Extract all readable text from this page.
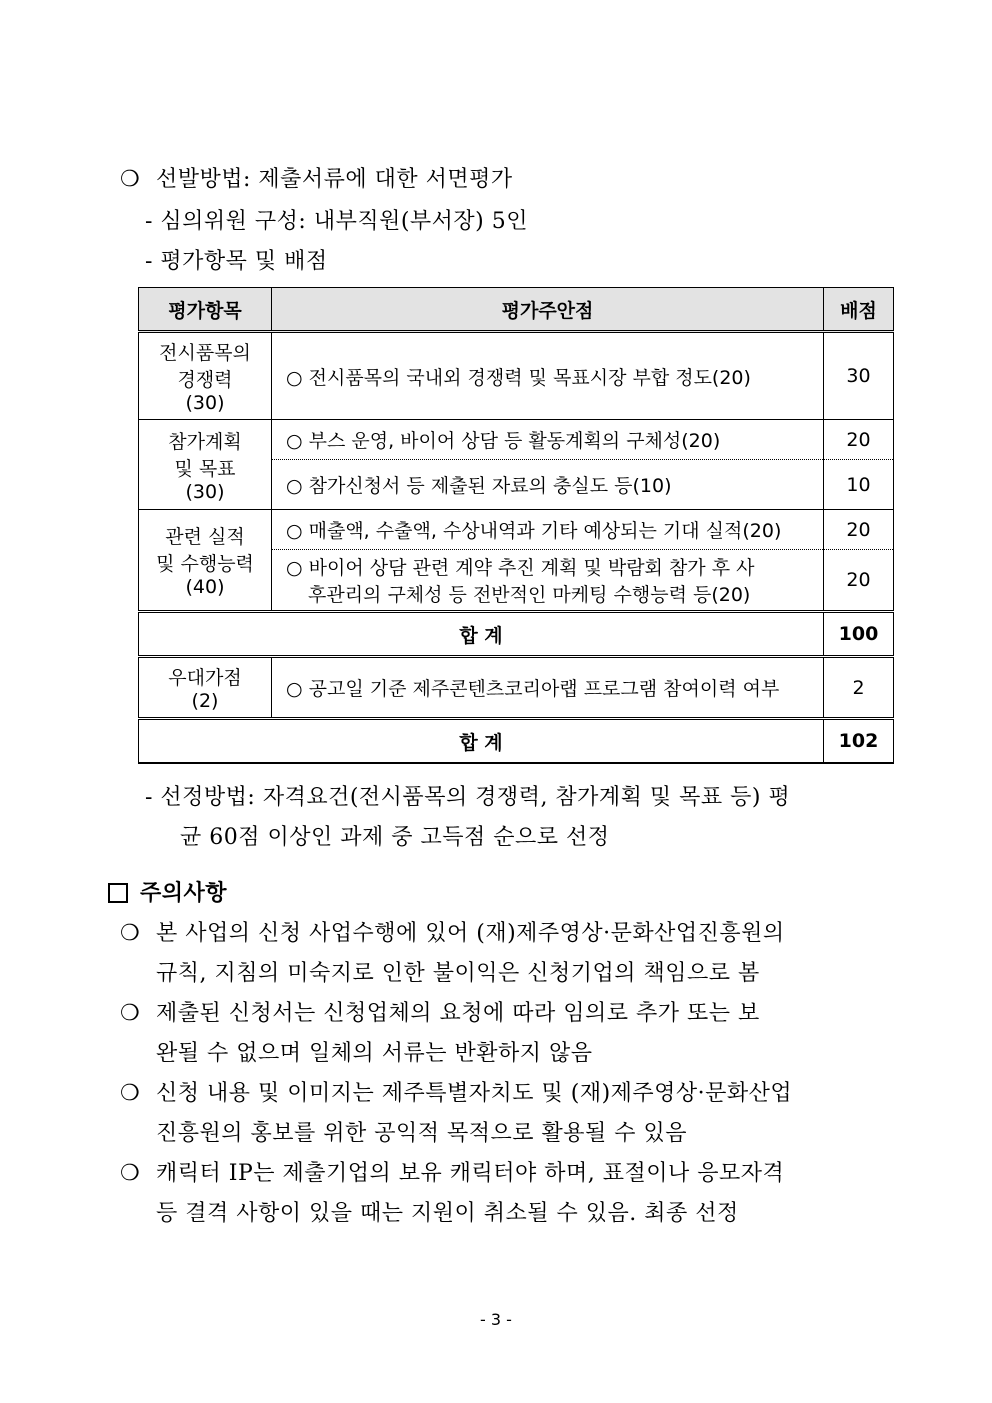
❍ 선발방법: 제출서류에 대한 서면평가
- 심의위원 구성: 내부직원(부서장) 5인
- 평가항목 및 배점
평가항목	평가주안점	배점

전시품목의
경쟁력
(30)	○ 전시품목의 국내외 경쟁력 및 목표시장 부합 정도(20)	30

참가계획
및 목표
(30)	○ 부스 운영, 바이어 상담 등 활동계획의 구체성(20)	20
	○ 참가신청서 등 제출된 자료의 충실도 등(10)	10

관련 실적
및 수행능력
(40)	○ 매출액, 수출액, 수상내역과 기타 예상되는 기대 실적(20)	20

	○ 바이어 상담 관련 계약 추진 계획 및 박람회 참가 후 사
후관리의 구체성 등 전반적인 마케팅 수행능력 등(20)	20
합 계		100

우대가점
(2)	○ 공고일 기준 제주콘텐츠코리아랩 프로그램 참여이력 여부	2
합 계		102
- 선정방법: 자격요건(전시품목의 경쟁력, 참가계획 및 목표 등) 평
균 60점 이상인 과제 중 고득점 순으로 선정
주의사항
❍ 본 사업의 신청 사업수행에 있어 (재)제주영상·문화산업진흥원의
규칙, 지침의 미숙지로 인한 불이익은 신청기업의 책임으로 봄
❍ 제출된 신청서는 신청업체의 요청에 따라 임의로 추가 또는 보
완될 수 없으며 일체의 서류는 반환하지 않음
❍ 신청 내용 및 이미지는 제주특별자치도 및 (재)제주영상·문화산업
진흥원의 홍보를 위한 공익적 목적으로 활용될 수 있음
❍ 캐릭터 IP는 제출기업의 보유 캐릭터야 하며, 표절이나 응모자격
등 결격 사항이 있을 때는 지원이 취소될 수 있음. 최종 선정
- 3 -
